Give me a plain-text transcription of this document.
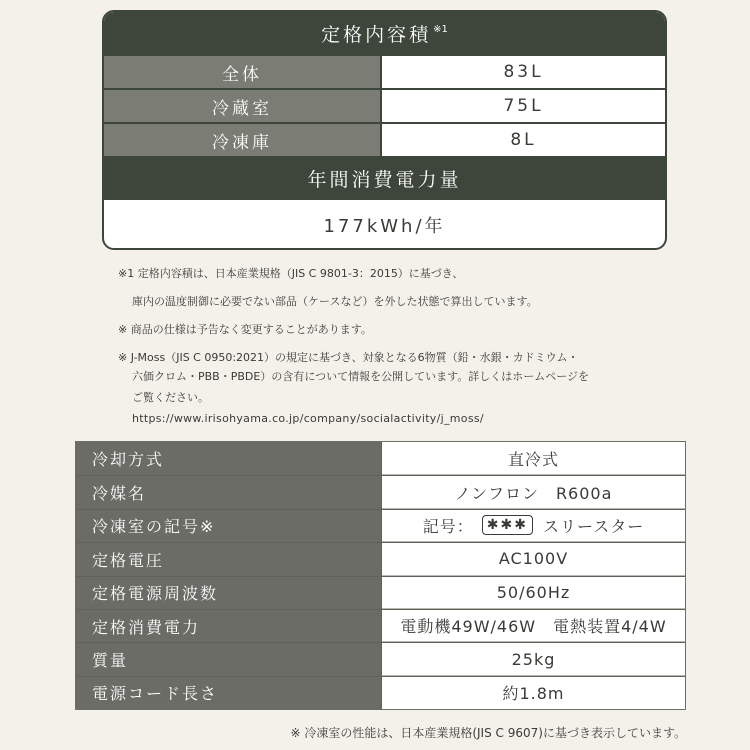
定格内容積$^{※1}$
全体	83L
冷蔵室	75L
冷凍庫	8L
年間消費電力量
177kWh/年
※1 定格内容積は、日本産業規格（JIS C 9801-3：2015）に基づき、
庫内の温度制御に必要でない部品（ケースなど）を外した状態で算出しています。
※ 商品の仕様は予告なく変更することがあります。
※ J-Moss（JIS C 0950:2021）の規定に基づき、対象となる6物質（鉛・水銀・カドミウム・
六価クロム・PBB・PBDE）の含有について情報を公開しています。詳しくはホームページを
ご覧ください。
https://www.irisohyama.co.jp/company/socialactivity/j_moss/
冷却方式	直冷式
冷媒名	ノンフロン　R600a
冷凍室の記号※	記号： ✱✱✱ スリースター
定格電圧	AC100V
定格電源周波数	50/60Hz
定格消費電力	電動機49W/46W　電熱装置4/4W
質量	25kg
電源コード長さ	約1.8m
※ 冷凍室の性能は、日本産業規格(JIS C 9607)に基づき表示しています。
